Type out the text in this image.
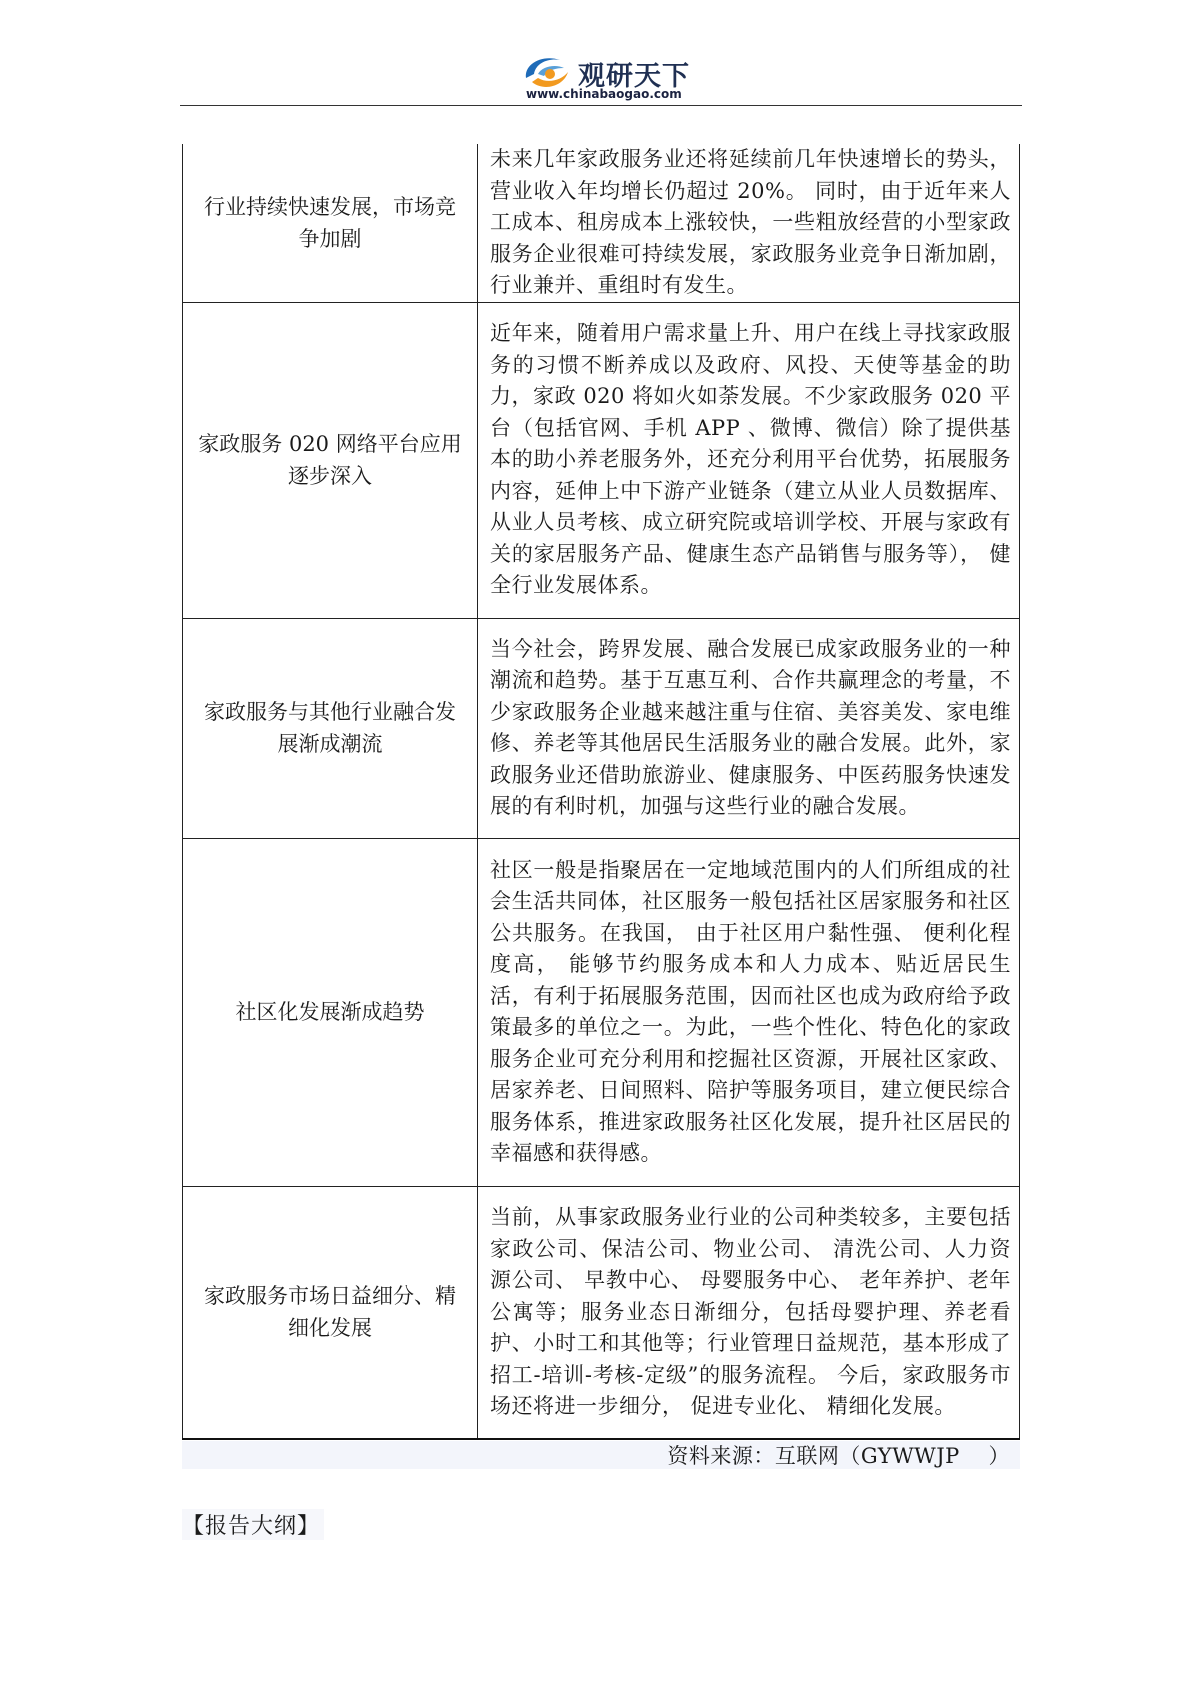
观研天下
www.chinabaogao.com
行业持续快速发展，市场竞争加剧	未来几年家政服务业还将延续前几年快速增长的势头，营业收入年均增长仍超过 20%。 同时，由于近年来人工成本、租房成本上涨较快，一些粗放经营的小型家政服务企业很难可持续发展，家政服务业竞争日渐加剧，行业兼并、重组时有发生。
家政服务 020 网络平台应用逐步深入	近年来，随着用户需求量上升、用户在线上寻找家政服务的习惯不断养成以及政府、风投、天使等基金的助力，家政 020 将如火如荼发展。不少家政服务 020 平台（包括官网、手机 APP 、微博、微信）除了提供基本的助小养老服务外，还充分利用平台优势，拓展服务内容，延伸上中下游产业链条（建立从业人员数据库、从业人员考核、成立研究院或培训学校、开展与家政有关的家居服务产品、健康生态产品销售与服务等）， 健全行业发展体系。
家政服务与其他行业融合发展渐成潮流	当今社会，跨界发展、融合发展已成家政服务业的一种潮流和趋势。基于互惠互利、合作共赢理念的考量，不少家政服务企业越来越注重与住宿、美容美发、家电维修、养老等其他居民生活服务业的融合发展。此外，家政服务业还借助旅游业、健康服务、中医药服务快速发展的有利时机，加强与这些行业的融合发展。
社区化发展渐成趋势	社区一般是指聚居在一定地域范围内的人们所组成的社会生活共同体，社区服务一般包括社区居家服务和社区公共服务。在我国， 由于社区用户黏性强、 便利化程度高， 能够节约服务成本和人力成本、贴近居民生活，有利于拓展服务范围，因而社区也成为政府给予政策最多的单位之一。为此，一些个性化、特色化的家政服务企业可充分利用和挖掘社区资源，开展社区家政、居家养老、日间照料、陪护等服务项目，建立便民综合服务体系，推进家政服务社区化发展，提升社区居民的幸福感和获得感。
家政服务市场日益细分、精细化发展	当前，从事家政服务业行业的公司种类较多，主要包括家政公司、保洁公司、物业公司、 清洗公司、人力资源公司、 早教中心、 母婴服务中心、 老年养护、老年公寓等；服务业态日渐细分，包括母婴护理、养老看护、小时工和其他等；行业管理日益规范，基本形成了 招工-培训-考核-定级”的服务流程。 今后，家政服务市场还将进一步细分， 促进专业化、 精细化发展。
资料来源：互联网（GYWWJP　 ）
【报告大纲】
